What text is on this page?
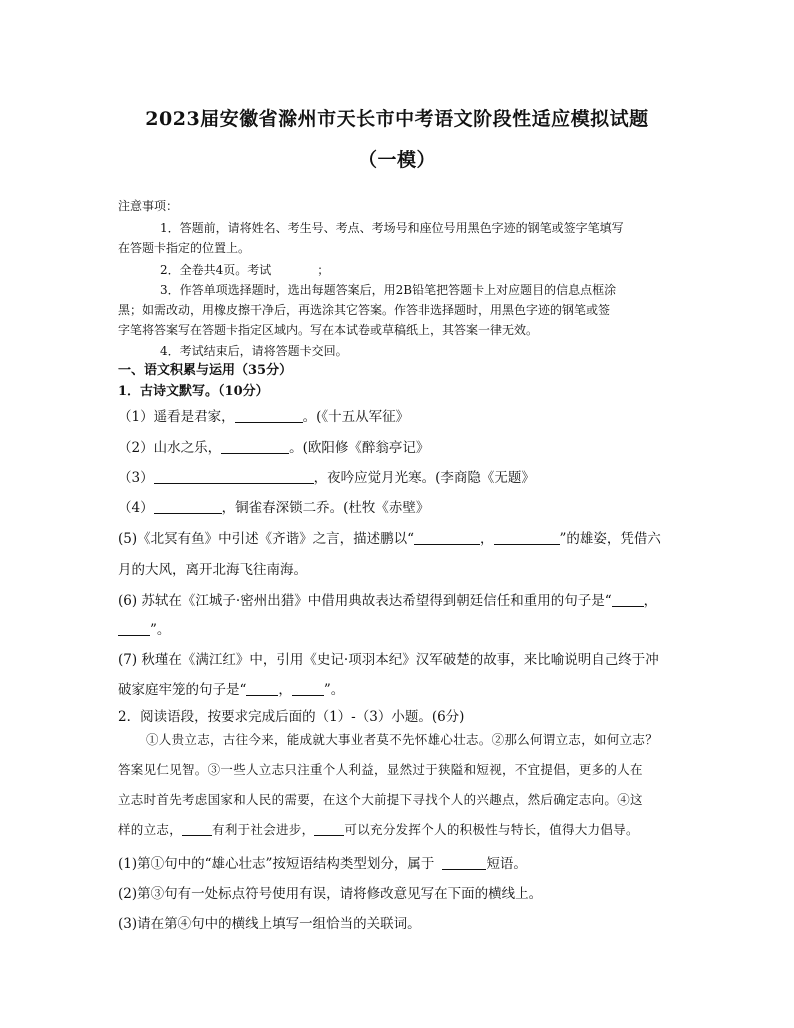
2023届安徽省滁州市天长市中考语文阶段性适应模拟试题
（一模）
注意事项：
1．答题前，请将姓名、考生号、考点、考场号和座位号用黑色字迹的钢笔或签字笔填写
在答题卡指定的位置上。
2．全卷共4页。考试	；
3．作答单项选择题时，选出每题答案后，用2B铅笔把答题卡上对应题目的信息点框涂
黑；如需改动，用橡皮擦干净后，再选涂其它答案。作答非选择题时，用黑色字迹的钢笔或签
字笔将答案写在答题卡指定区域内。写在本试卷或草稿纸上，其答案一律无效。
4．考试结束后，请将答题卡交回。
一、语文积累与运用（35分）
1．古诗文默写。（10分）
（1）遥看是君家，	。(《十五从军征》
（2）山水之乐，	。(欧阳修《醉翁亭记》
（3）	，夜吟应觉月光寒。(李商隐《无题》
（4）	，铜雀春深锁二乔。(杜牧《赤壁》
(5)《北冥有鱼》中引述《齐谐》之言，描述鹏以“	，	”的雄姿，凭借六
月的大风，离开北海飞往南海。
(6) 苏轼在《江城子·密州出猎》中借用典故表达希望得到朝廷信任和重用的句子是“ ，
”。
(7) 秋瑾在《满江红》中，引用《史记·项羽本纪》汉军破楚的故事，来比喻说明自己终于冲
破家庭牢笼的句子是“ ， ”。
2．阅读语段，按要求完成后面的（1）-（3）小题。(6分)
①人贵立志，古往今来，能成就大事业者莫不先怀雄心壮志。②那么何谓立志，如何立志？
答案见仁见智。③一些人立志只注重个人利益，显然过于狭隘和短视，不宜提倡，更多的人在
立志时首先考虑国家和人民的需要，在这个大前提下寻找个人的兴趣点，然后确定志向。④这
样的立志， 有利于社会进步， 可以充分发挥个人的积极性与特长，值得大力倡导。
(1)第①句中的“雄心壮志”按短语结构类型划分，属于	短语。
(2)第③句有一处标点符号使用有误，请将修改意见写在下面的横线上。
(3)请在第④句中的横线上填写一组恰当的关联词。
